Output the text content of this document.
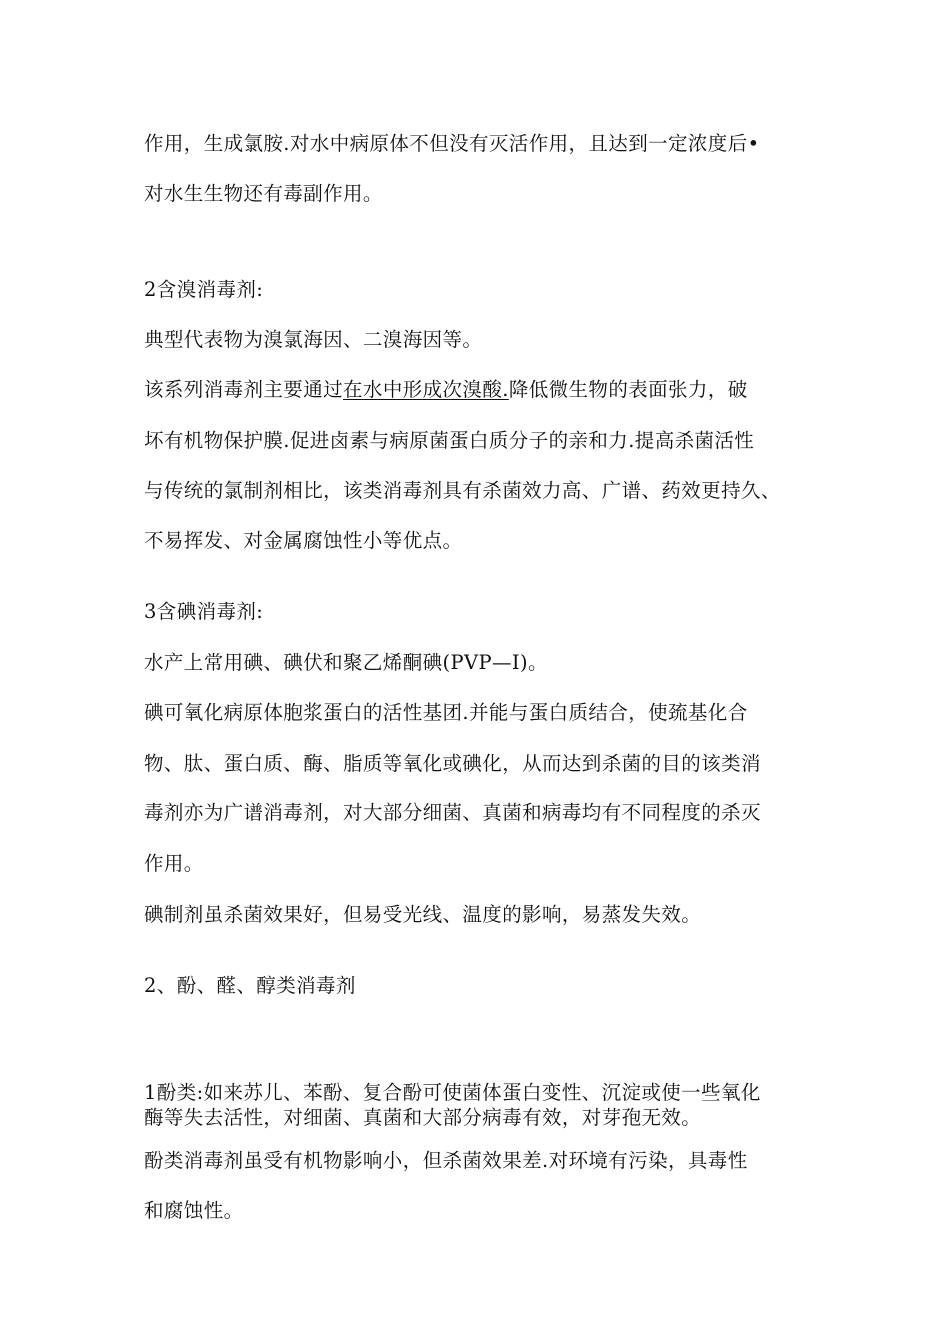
作用，生成氯胺.对水中病原体不但没有灭活作用，且达到一定浓度后•

对水生生物还有毒副作用。

2含溴消毒剂:

典型代表物为溴氯海因、二溴海因等。

该系列消毒剂主要通过在水中形成次溴酸.降低微生物的表面张力，破

坏有机物保护膜.促进卤素与病原菌蛋白质分子的亲和力.提高杀菌活性

与传统的氯制剂相比，该类消毒剂具有杀菌效力高、广谱、药效更持久、

不易挥发、对金属腐蚀性小等优点。

3含碘消毒剂:

水产上常用碘、碘伏和聚乙烯酮碘(PVP—I)。

碘可氧化病原体胞浆蛋白的活性基团.并能与蛋白质结合，使巯基化合

物、肽、蛋白质、酶、脂质等氧化或碘化，从而达到杀菌的目的该类消

毒剂亦为广谱消毒剂，对大部分细菌、真菌和病毒均有不同程度的杀灭

作用。

碘制剂虽杀菌效果好，但易受光线、温度的影响，易蒸发失效。

2、酚、醛、醇类消毒剂

1酚类:如来苏儿、苯酚、复合酚可使菌体蛋白变性、沉淀或使一些氧化

酶等失去活性，对细菌、真菌和大部分病毒有效，对芽孢无效。

酚类消毒剂虽受有机物影响小，但杀菌效果差.对环境有污染，具毒性

和腐蚀性。
